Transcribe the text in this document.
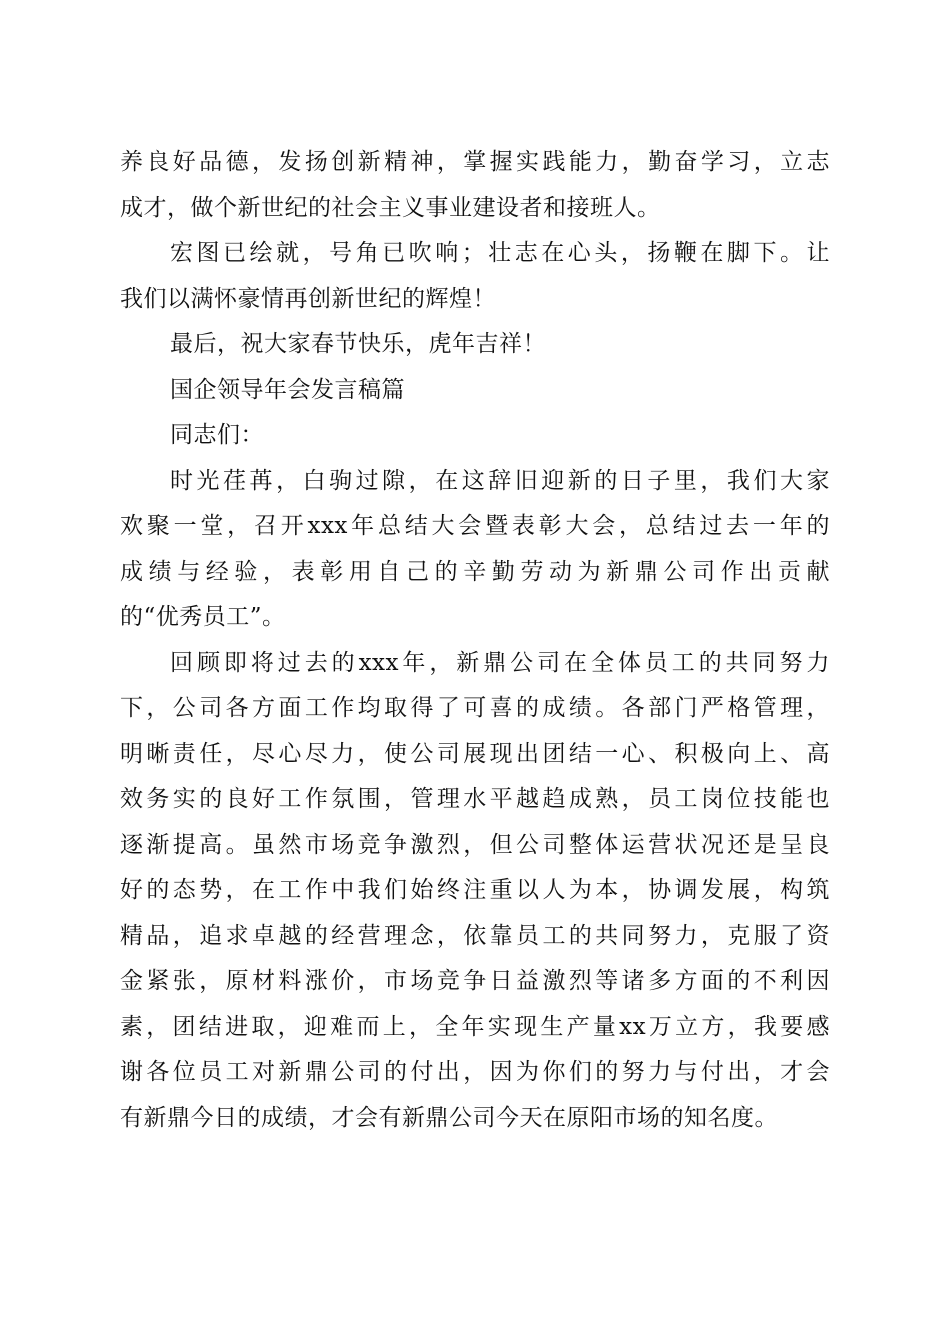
养良好品德，发扬创新精神，掌握实践能力，勤奋学习，立志
成才，做个新世纪的社会主义事业建设者和接班人。
宏图已绘就，号角已吹响；壮志在心头，扬鞭在脚下。让
我们以满怀豪情再创新世纪的辉煌！
最后，祝大家春节快乐，虎年吉祥！
国企领导年会发言稿篇
同志们：
时光荏苒，白驹过隙，在这辞旧迎新的日子里，我们大家
欢聚一堂，召开xxx年总结大会暨表彰大会，总结过去一年的
成绩与经验，表彰用自己的辛勤劳动为新鼎公司作出贡献
的“优秀员工”。
回顾即将过去的xxx年，新鼎公司在全体员工的共同努力
下，公司各方面工作均取得了可喜的成绩。各部门严格管理，
明晰责任，尽心尽力，使公司展现出团结一心、积极向上、高
效务实的良好工作氛围，管理水平越趋成熟，员工岗位技能也
逐渐提高。虽然市场竞争激烈，但公司整体运营状况还是呈良
好的态势，在工作中我们始终注重以人为本，协调发展，构筑
精品，追求卓越的经营理念，依靠员工的共同努力，克服了资
金紧张，原材料涨价，市场竞争日益激烈等诸多方面的不利因
素，团结进取，迎难而上，全年实现生产量xx万立方，我要感
谢各位员工对新鼎公司的付出，因为你们的努力与付出，才会
有新鼎今日的成绩，才会有新鼎公司今天在原阳市场的知名度。
